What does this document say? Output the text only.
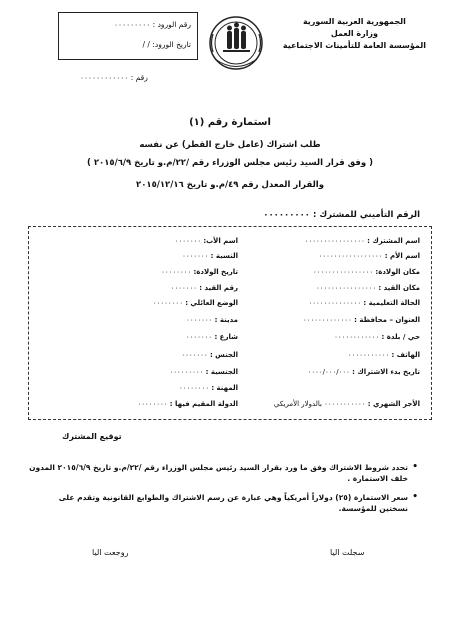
الجمهورية العربية السورية
وزارة العمل
المؤسسة العامة للتأمينات الاجتماعية
رقم الورود : ٠٠٠٠٠٠٠٠٠
تاريخ الورود: / /
رقم : ٠٠٠٠٠٠٠٠٠٠٠٠
استمارة رقم (١)
طلب اشتراك (عامل خارج القطر) عن نفسه
( وفق قرار السيد رئيس مجلس الوزراء رقم /٢٢/م.و تاريخ ٢٠١٥/٦/٩ )
والقرار المعدل رقم ٤٩/م.و تاريخ ٢٠١٥/١٢/١٦
الرقم التأميني للمشترك : ٠٠٠٠٠٠٠٠٠
اسم المشترك : ٠٠٠٠٠٠٠٠٠٠٠٠٠٠٠٠
اسم الأم : ٠٠٠٠٠٠٠٠٠٠٠٠٠٠٠٠٠
مكان الولادة: ٠٠٠٠٠٠٠٠٠٠٠٠٠٠٠٠
مكان القيد : ٠٠٠٠٠٠٠٠٠٠٠٠٠٠٠٠
الحالة التعليمية : ٠٠٠٠٠٠٠٠٠٠٠٠٠٠
العنوان – محافظة : ٠٠٠٠٠٠٠٠٠٠٠٠٠
حي / بلدة : ٠٠٠٠٠٠٠٠٠٠٠٠
الهاتف : ٠٠٠٠٠٠٠٠٠٠٠
تاريخ بدء الاشتراك : ٠٠٠٠/٠٠٠/٠٠٠
اسم الأب: ٠٠٠٠٠٠٠
النسبة : ٠٠٠٠٠٠٠
تاريخ الولادة: ٠٠٠٠٠٠٠٠
رقم القيد : ٠٠٠٠٠٠٠
الوضع العائلي : ٠٠٠٠٠٠٠٠
مدينة : ٠٠٠٠٠٠٠
شارع : ٠٠٠٠٠٠٠
الجنس : ٠٠٠٠٠٠٠
الجنسية : ٠٠٠٠٠٠٠٠٠
المهنة : ٠٠٠٠٠٠٠٠
الدولة المقيم فيها : ٠٠٠٠٠٠٠٠	الأجر الشهري : ٠٠٠٠٠٠٠٠٠٠٠ بالدولار الأمريكي
توقيع المشترك
• تحدد شروط الاشتراك وفق ما ورد بقرار السيد رئيس مجلس الوزراء رقم /٢٢/م.و تاريخ ٢٠١٥/٦/٩ المدون خلف الاستمارة .
• سعر الاستمارة (٢٥) دولاراً أمريكياً وهي عبارة عن رسم الاشتراك والطوابع القانونية وتقدم على نسختين للمؤسسة.
روجعت اليا	سجلت اليا
